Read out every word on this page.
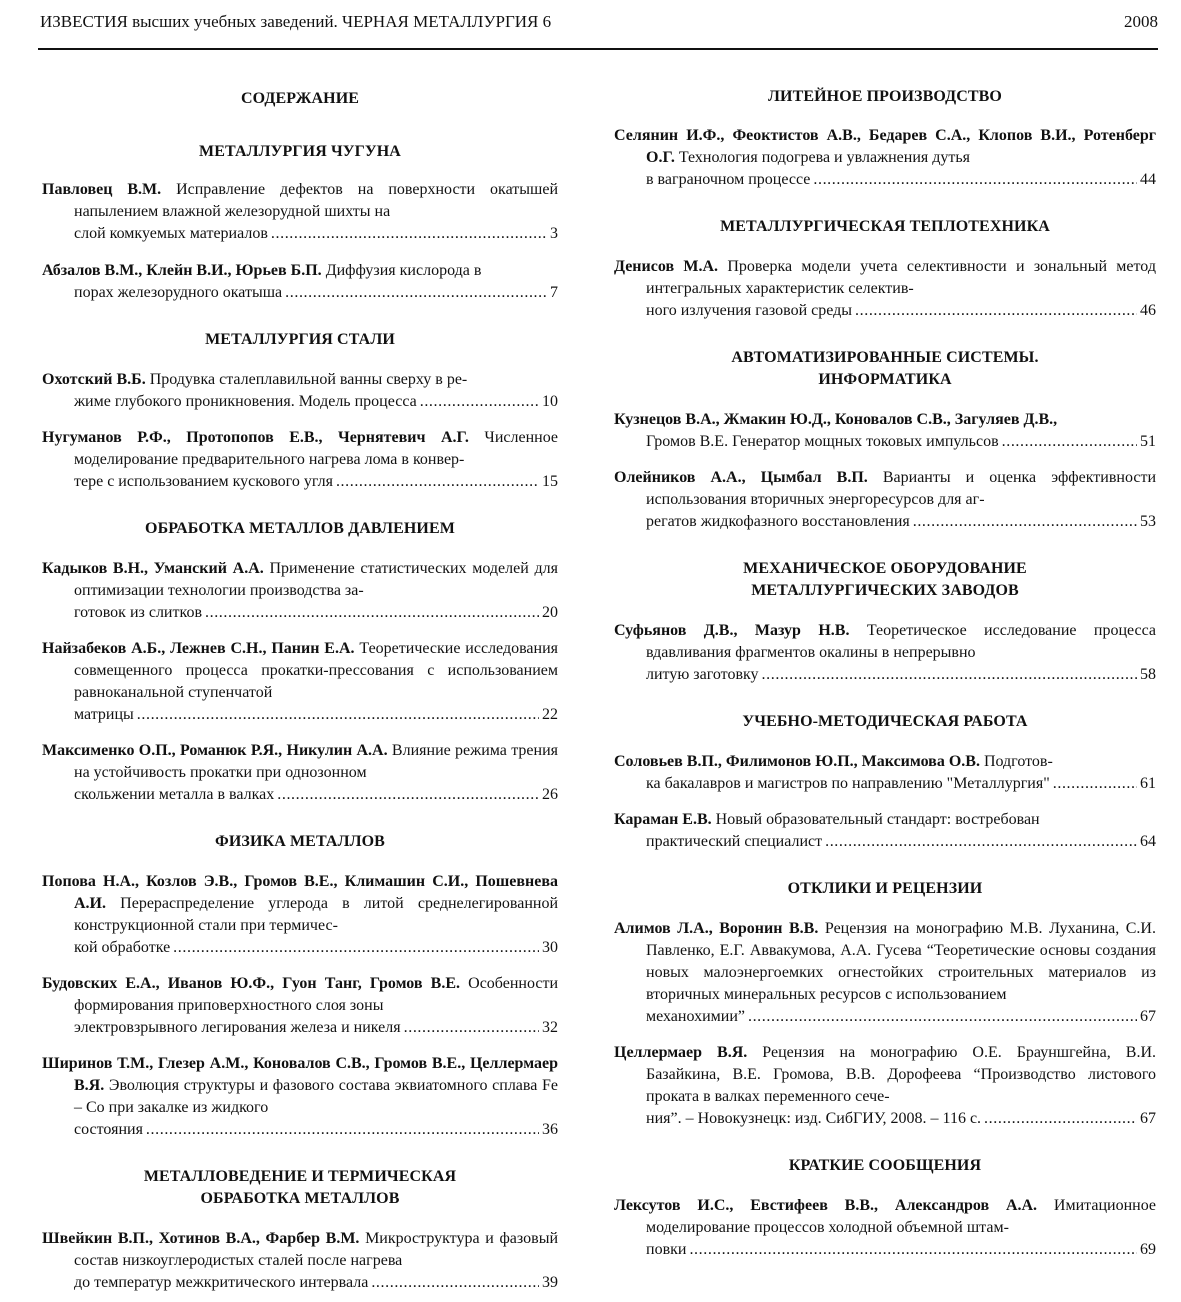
ИЗВЕСТИЯ высших учебных заведений. ЧЕРНАЯ МЕТАЛЛУРГИЯ 6	2008
СОДЕРЖАНИЕ
МЕТАЛЛУРГИЯ ЧУГУНА
Павловец В.М. Исправление дефектов на поверхности окатышей напылением влажной железорудной шихты на
слой комкуемых материалов .....	3
Абзалов В.М., Клейн В.И., Юрьев Б.П. Диффузия кислорода в
порах железорудного окатыша .....	7
МЕТАЛЛУРГИЯ СТАЛИ
Охотский В.Б. Продувка сталеплавильной ванны сверху в ре-
жиме глубокого проникновения. Модель процесса .....	10
Нугуманов Р.Ф., Протопопов Е.В., Чернятевич А.Г. Численное моделирование предварительного нагрева лома в конвер-
тере с использованием кускового угля .....	15
ОБРАБОТКА МЕТАЛЛОВ ДАВЛЕНИЕМ
Кадыков В.Н., Уманский А.А. Применение статистических моделей для оптимизации технологии производства за-
готовок из слитков .....	20
Найзабеков А.Б., Лежнев С.Н., Панин Е.А. Теоретические исследования совмещенного процесса прокатки-прессования с использованием равноканальной ступенчатой
матрицы .....	22
Максименко О.П., Романюк Р.Я., Никулин А.А. Влияние режима трения на устойчивость прокатки при однозонном
скольжении металла в валках .....	26
ФИЗИКА МЕТАЛЛОВ
Попова Н.А., Козлов Э.В., Громов В.Е., Климашин С.И., Пошевнева А.И. Перераспределение углерода в литой среднелегированной конструкционной стали при термичес-
кой обработке .....	30
Будовских Е.А., Иванов Ю.Ф., Гуон Танг, Громов В.Е. Особенности формирования приповерхностного слоя зоны
электровзрывного легирования железа и никеля .....	32
Ширинов Т.М., Глезер А.М., Коновалов С.В., Громов В.Е., Целлермаер В.Я. Эволюция структуры и фазового состава эквиатомного сплава Fe – Co при закалке из жидкого
состояния .....	36
МЕТАЛЛОВЕДЕНИЕ И ТЕРМИЧЕСКАЯ
ОБРАБОТКА МЕТАЛЛОВ
Швейкин В.П., Хотинов В.А., Фарбер В.М. Микроструктура и фазовый состав низкоуглеродистых сталей после нагрева
до температур межкритического интервала .....	39
ЛИТЕЙНОЕ ПРОИЗВОДСТВО
Селянин И.Ф., Феоктистов А.В., Бедарев С.А., Клопов В.И., Ротенберг О.Г. Технология подогрева и увлажнения дутья
в ваграночном процессе .....	44
МЕТАЛЛУРГИЧЕСКАЯ ТЕПЛОТЕХНИКА
Денисов М.А. Проверка модели учета селективности и зональный метод интегральных характеристик селектив-
ного излучения газовой среды .....	46
АВТОМАТИЗИРОВАННЫЕ СИСТЕМЫ.
ИНФОРМАТИКА
Кузнецов В.А., Жмакин Ю.Д., Коновалов С.В., Загуляев Д.В.,
Громов В.Е. Генератор мощных токовых импульсов .....	51
Олейников А.А., Цымбал В.П. Варианты и оценка эффективности использования вторичных энергоресурсов для аг-
регатов жидкофазного восстановления .....	53
МЕХАНИЧЕСКОЕ ОБОРУДОВАНИЕ
МЕТАЛЛУРГИЧЕСКИХ ЗАВОДОВ
Суфьянов Д.В., Мазур Н.В. Теоретическое исследование процесса вдавливания фрагментов окалины в непрерывно
литую заготовку .....	58
УЧЕБНО-МЕТОДИЧЕСКАЯ РАБОТА
Соловьев В.П., Филимонов Ю.П., Максимова О.В. Подготов-
ка бакалавров и магистров по направлению "Металлургия" .....	61
Караман Е.В. Новый образовательный стандарт: востребован
практический специалист .....	64
ОТКЛИКИ И РЕЦЕНЗИИ
Алимов Л.А., Воронин В.В. Рецензия на монографию М.В. Луханина, С.И. Павленко, Е.Г. Аввакумова, А.А. Гусева “Теоретические основы создания новых малоэнергоемких огнестойких строительных материалов из вторичных минеральных ресурсов с использованием
механохимии” .....	67
Целлермаер В.Я. Рецензия на монографию О.Е. Брауншгейна, В.И. Базайкина, В.Е. Громова, В.В. Дорофеева “Производство листового проката в валках переменного сече-
ния”. – Новокузнецк: изд. СибГИУ, 2008. – 116 с. .....	67
КРАТКИЕ СООБЩЕНИЯ
Лексутов И.С., Евстифеев В.В., Александров А.А. Имитационное моделирование процессов холодной объемной штам-
повки .....	69
